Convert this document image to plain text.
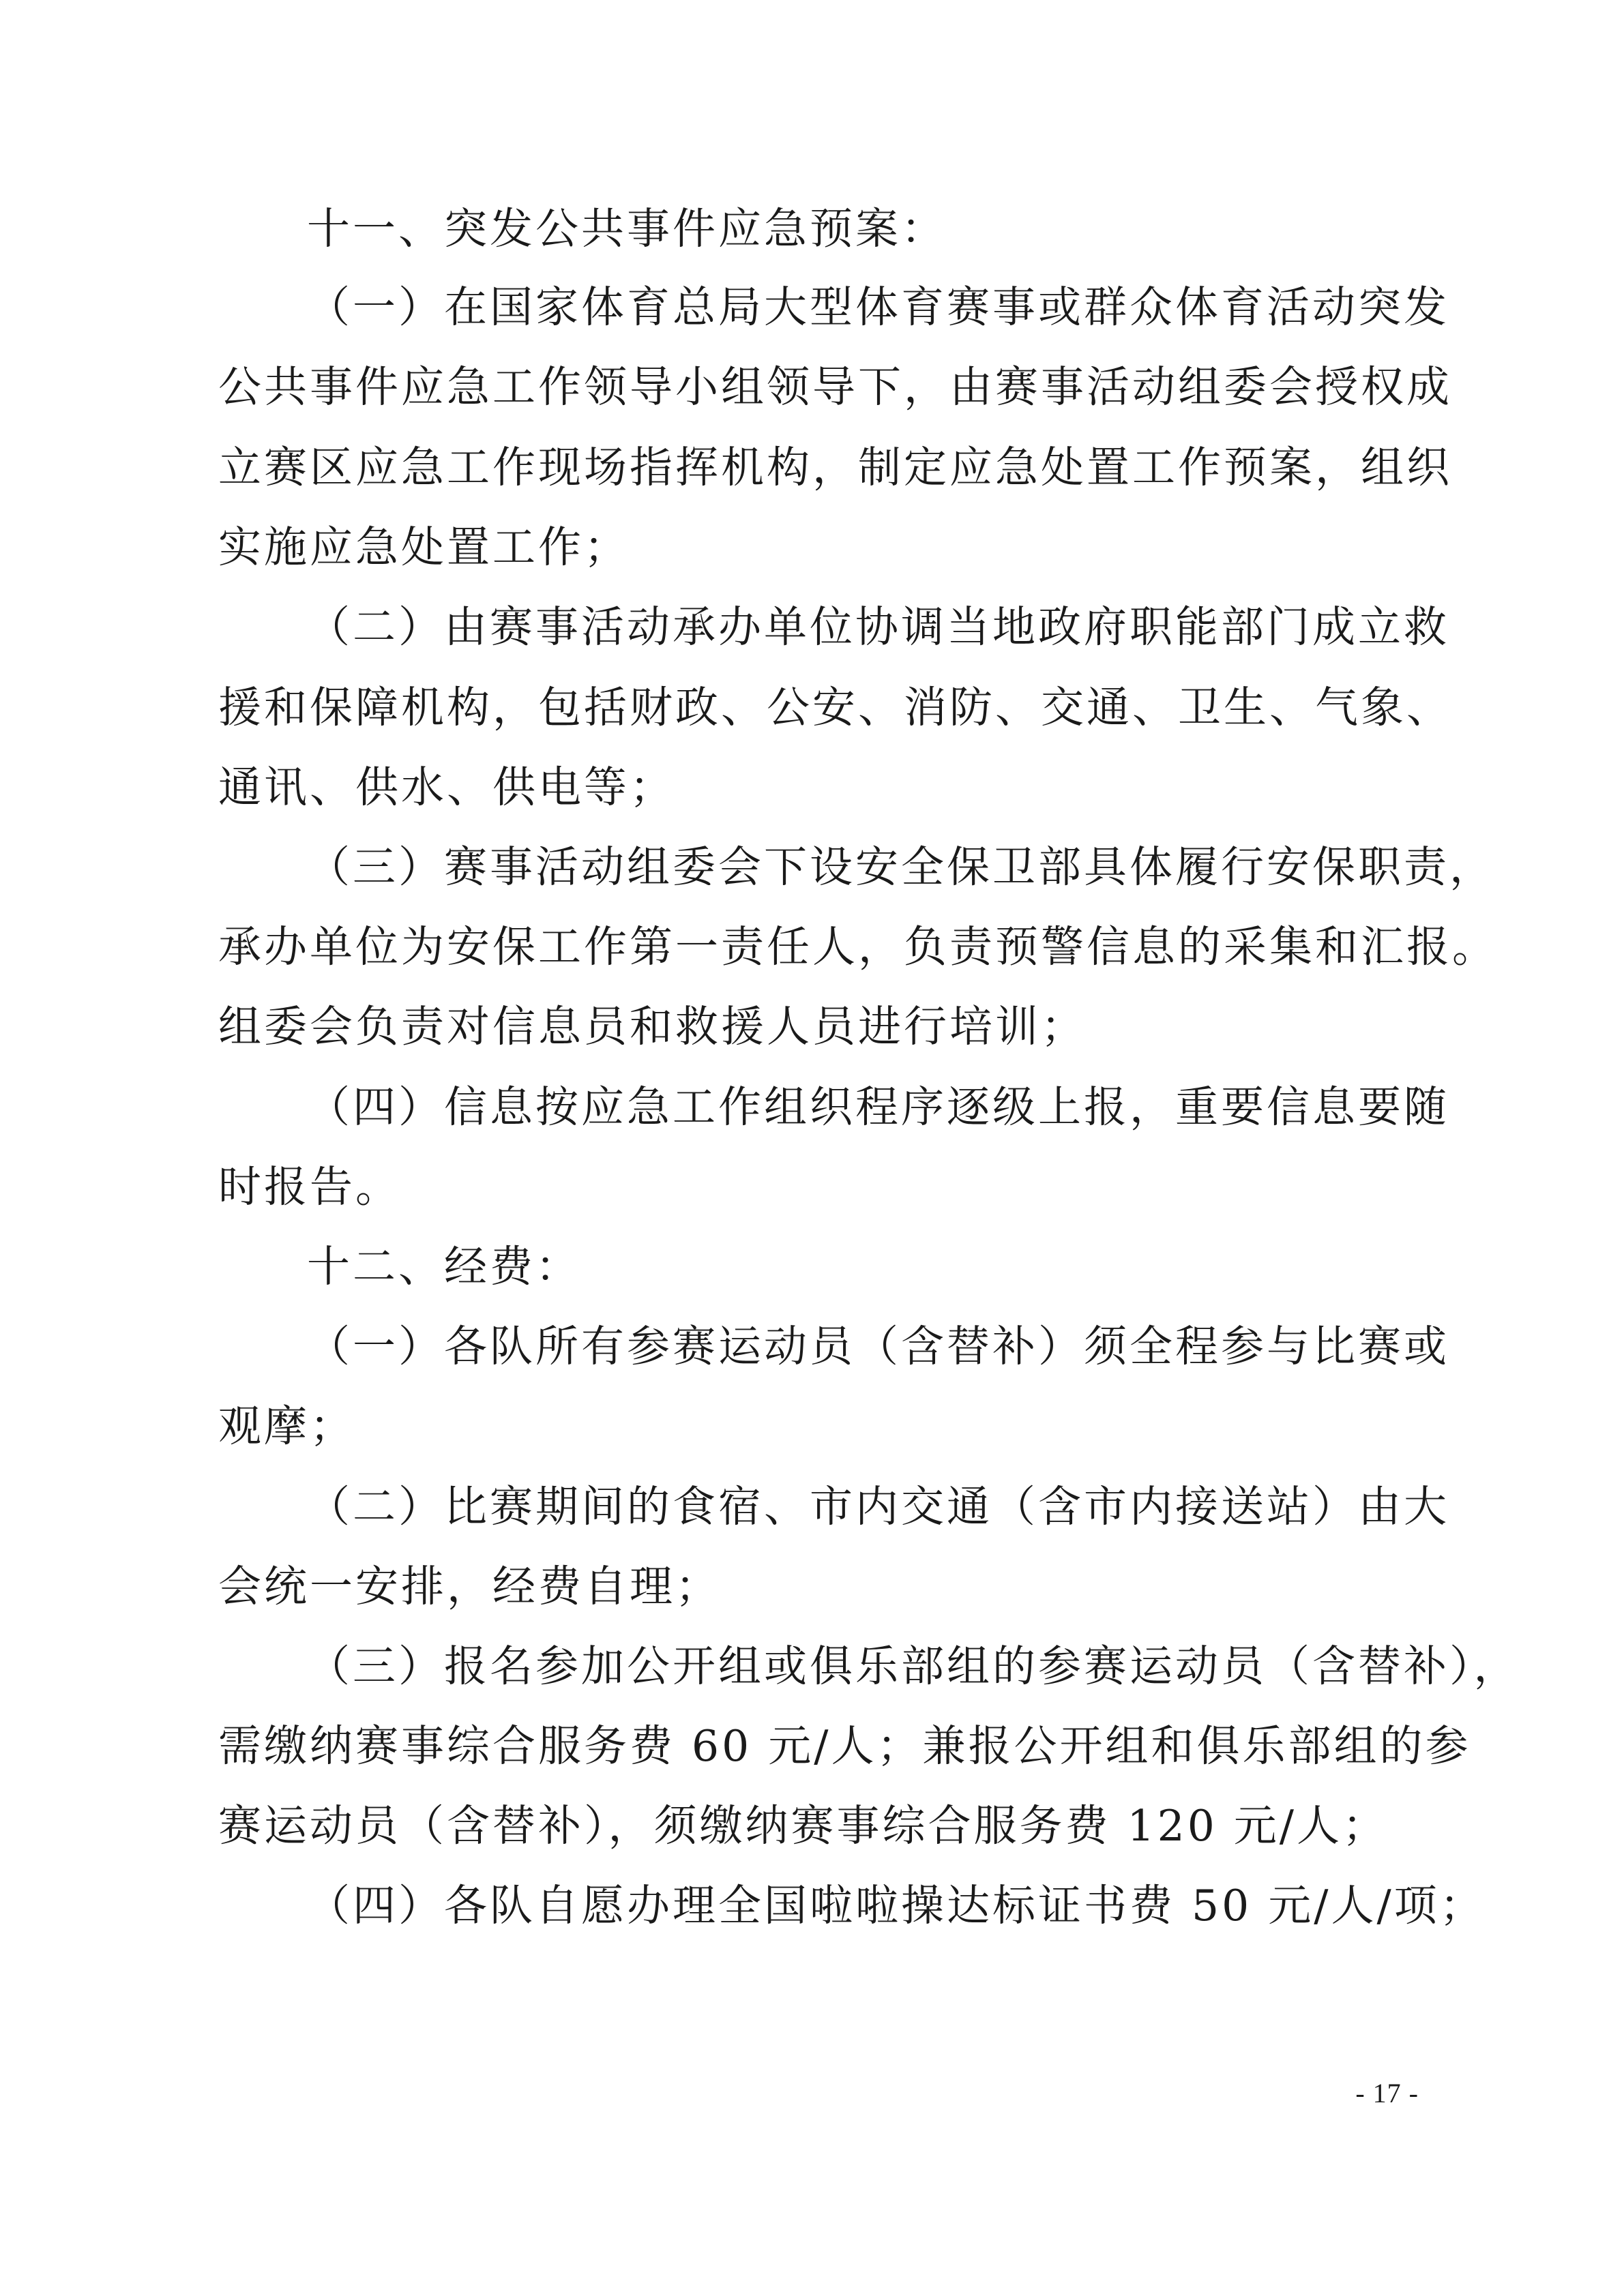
十一、突发公共事件应急预案：
（一）在国家体育总局大型体育赛事或群众体育活动突发
公共事件应急工作领导小组领导下，由赛事活动组委会授权成
立赛区应急工作现场指挥机构，制定应急处置工作预案，组织
实施应急处置工作；
（二）由赛事活动承办单位协调当地政府职能部门成立救
援和保障机构，包括财政、公安、消防、交通、卫生、气象、
通讯、供水、供电等；
（三）赛事活动组委会下设安全保卫部具体履行安保职责，
承办单位为安保工作第一责任人，负责预警信息的采集和汇报。
组委会负责对信息员和救援人员进行培训；
（四）信息按应急工作组织程序逐级上报，重要信息要随
时报告。
十二、经费：
（一）各队所有参赛运动员（含替补）须全程参与比赛或
观摩；
（二）比赛期间的食宿、市内交通（含市内接送站）由大
会统一安排，经费自理；
（三）报名参加公开组或俱乐部组的参赛运动员（含替补），
需缴纳赛事综合服务费 60 元/人；兼报公开组和俱乐部组的参
赛运动员（含替补），须缴纳赛事综合服务费 120 元/人；
（四）各队自愿办理全国啦啦操达标证书费 50 元/人/项；
- 17 -
